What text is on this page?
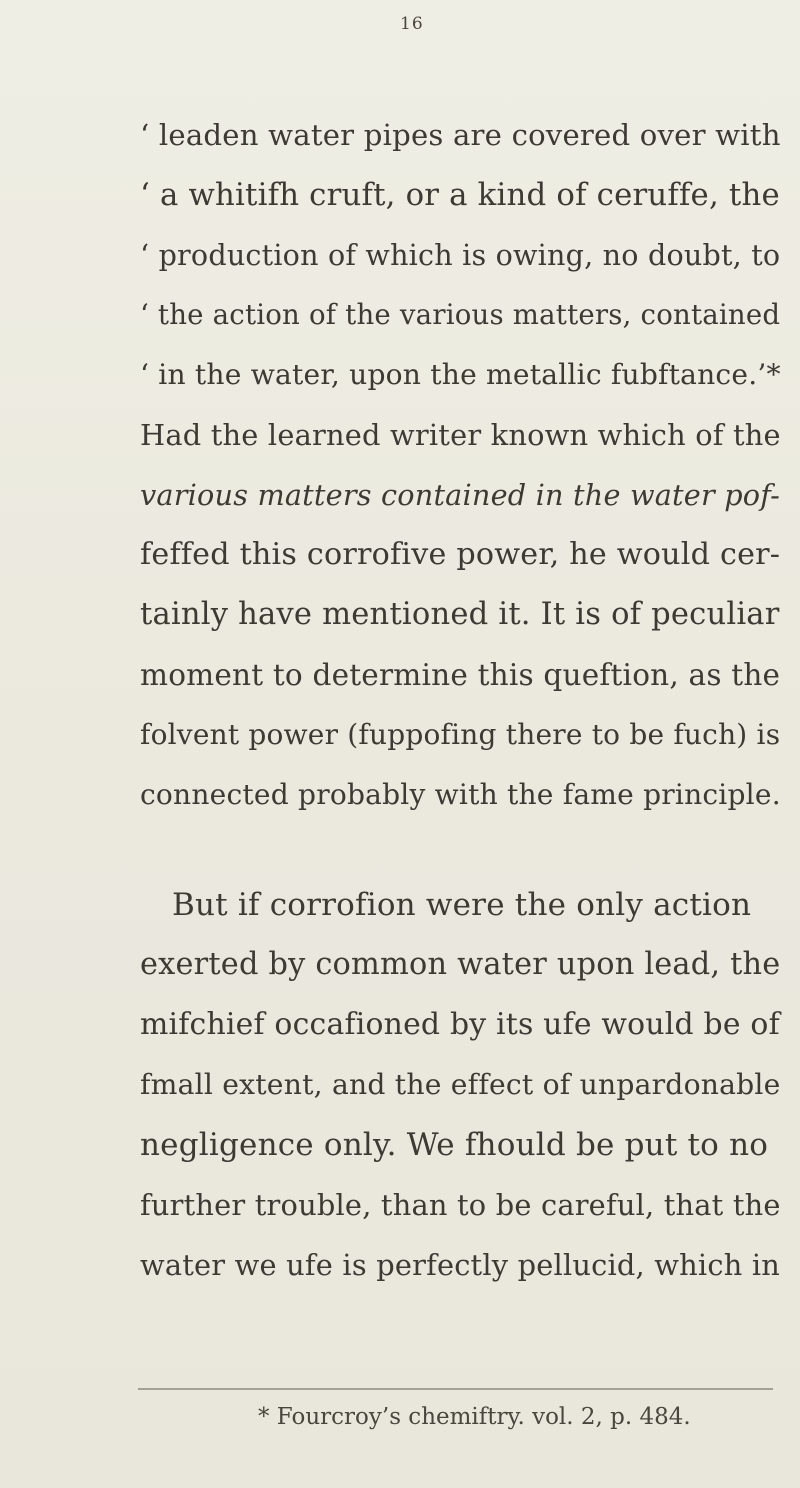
16
‘ leaden water pipes are covered over with
‘ a whitifh cruft, or a kind of ceruffe, the
‘ production of which is owing, no doubt, to
‘ the action of the various matters, contained
‘ in the water, upon the metallic fubftance.’*
Had the learned writer known which of the
various matters contained in the water pof-
feffed this corrofive power, he would cer-
tainly have mentioned it. It is of peculiar
moment to determine this queftion, as the
folvent power (fuppofing there to be fuch) is
connected probably with the fame principle.
But if corrofion were the only action
exerted by common water upon lead, the
mifchief occafioned by its ufe would be of
fmall extent, and the effect of unpardonable
negligence only. We fhould be put to no
further trouble, than to be careful, that the
water we ufe is perfectly pellucid, which in
* Fourcroy’s chemiftry. vol. 2, p. 484.
